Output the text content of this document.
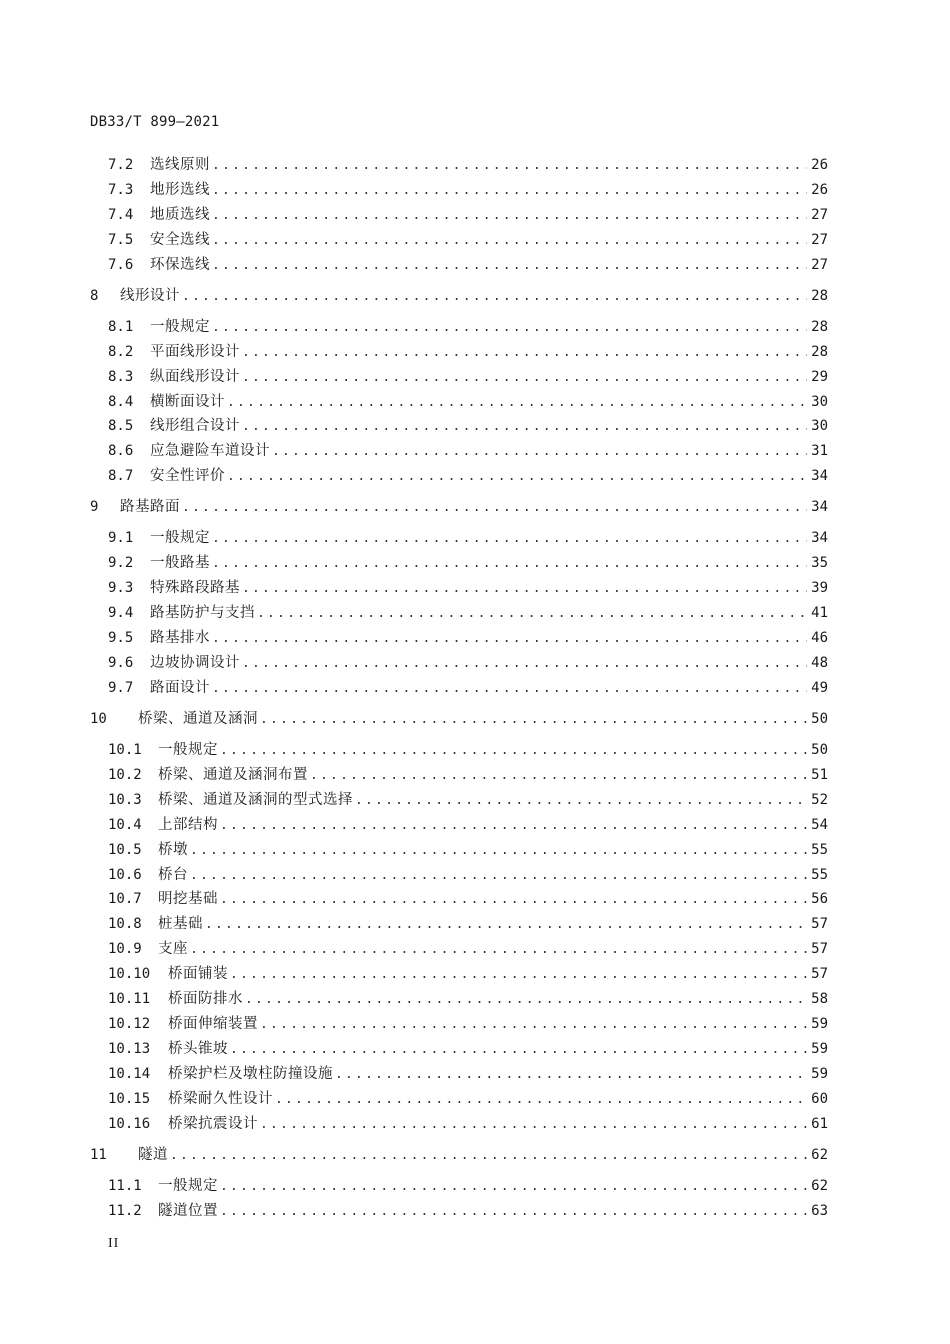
DB33/T 899—2021
7.2	选线原则 .....	26
7.3	地形选线 .....	26
7.4	地质选线 .....	27
7.5	安全选线 .....	27
7.6	环保选线 .....	27
8	线形设计 .....	28
8.1	一般规定 .....	28
8.2	平面线形设计 .....	28
8.3	纵面线形设计 .....	29
8.4	横断面设计 .....	30
8.5	线形组合设计 .....	30
8.6	应急避险车道设计 .....	31
8.7	安全性评价 .....	34
9	路基路面 .....	34
9.1	一般规定 .....	34
9.2	一般路基 .....	35
9.3	特殊路段路基 .....	39
9.4	路基防护与支挡 .....	41
9.5	路基排水 .....	46
9.6	边坡协调设计 .....	48
9.7	路面设计 .....	49
10	桥梁、通道及涵洞 .....	50
10.1	一般规定 .....	50
10.2	桥梁、通道及涵洞布置 .....	51
10.3	桥梁、通道及涵洞的型式选择 .....	52
10.4	上部结构 .....	54
10.5	桥墩 .....	55
10.6	桥台 .....	55
10.7	明挖基础 .....	56
10.8	桩基础 .....	57
10.9	支座 .....	57
10.10	桥面铺装 .....	57
10.11	桥面防排水 .....	58
10.12	桥面伸缩装置 .....	59
10.13	桥头锥坡 .....	59
10.14	桥梁护栏及墩柱防撞设施 .....	59
10.15	桥梁耐久性设计 .....	60
10.16	桥梁抗震设计 .....	61
11	隧道 .....	62
11.1	一般规定 .....	62
11.2	隧道位置 .....	63
II
